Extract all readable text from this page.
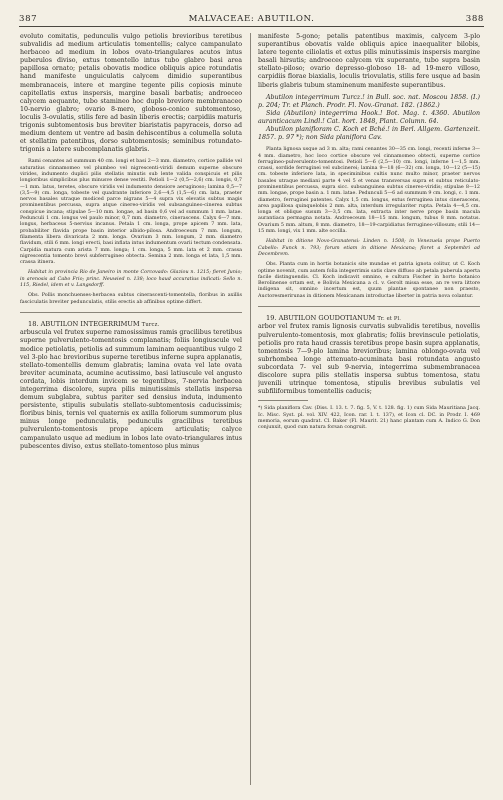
387	MALVACEAE: ABUTILON.	388

evoluto comitatis, pedunculis vulgo petiolis brevioribus teretibus subvalidis ad medium articulatis tomentellis; calyce campanulato herbaceo ad medium in lobos ovato-triangulares acutos intus puberulos diviso, extus tomentello intus tubo glabro basi area papillosa ornato; petalis obovatis modice obliquis apice rotundatis hand manifeste unguiculatis calycem dimidio superantibus membranaceis, intere et margine tegente pilis copiosis minute capitellatis extus inspersis, margine basali barbatis; androeceo calycem aequante, tubo stamineo hoc duplo breviore membranaceo 10-nervio glabro; ovario 8-mero, globoso-conico subtomentoso, loculis 3-ovulatis, stilis fere ad basin liberis erectis; carpidiis maturis trigonis subtomentosis bus breviter biaristatis papyraceis, dorso ad medium dentem ut ventre ad basin dehiscentibus a columella soluta et stellatim patentibus, dorso subtomentosis; seminibus rotundato-trigonis a latere subcomplanatis glabris.

Rami cenantes ad summum 40 cm. longi et basi 2—3 mm. diametro, cortice pallide vel saturatius cinnamomeo vel plumbeo vel nigrescenti-viridi demum superne obscure virides, indumento duplici pilis stellatis minutis sub lente valida conspicuis et pilis longioribus simplicibus plus minusve dense vestiti. Petioli 1—2 (0,5—2,6) cm. longis, 0,7—1 mm. latus, teretes, obscure viridis vel indumento densiore aeruginoso; lamina 0,5—7 (3,5—9) cm. longa, tobeste vel quadrante inferiore 2,6—4,5 (1,5—6) cm. lata, praeter nervos basales utraque modiced parce nigrans 5—4 supra vix elevatis subtus magis prominentibus percussa, supra atque cinereo-viridis vel subsanguineo-cinerea subtus conspicue incana; stipulae 5—10 mm. longae, ad basin 0,6 vel ad summum 1 mm. latae. Pedunculi 1 cm. longus vel paulo minor, 0,7 mm. diametro, cinerascens. Calyx 6—7 mm. longus, herbaceus 5-nervius incanus. Petala 1 cm. longa, prope apicem 7 mm. lata, probabiliter flavida prope basin interior albido-pilosa. Androeceum 7 mm. longum, filamenta libera divaricata 2 mm. longa. Ovarium 3 mm. longum, 2 mm. diametro flavidum, stili 6 mm. longi erecti, basi inflata intus indumentum ovarii tectum condensata. Carpidia matura cum arista 7 mm. longa; 1 cm. longa, 5 mm. lata et 2 mm. crassa nigrescentia tomento brevi subferrugineo obtecta. Semina 2 mm. longa et lata, 1,5 mm. crassa itinera.

Habitat in provincia Rio de Janeiro in monte Corcovado: Glaziou n. 1215; fieret Junio; in arenosis ad Cabo Frio; princ. Neuwied n. 138; loco haud accuratius indicati: Sello n. 115, Riedel, idem et v. Langsdorff.

Obs. Pollis monchuenses-herbacea subtus cinerascenti-tomentella, floribus in axillis fasciculatis breviter pedunculatis, stilis erectis ab affinibus optime differt.

18. ABUTILON INTEGERRIMUM Turcz.

arbuscula vel frutex superne ramosissimus ramis gracilibus teretibus superne pulverulento-tomentosis complanatis; foliis longiuscule vel modice petiolatis, petiolis ad summum laminam aequantibus vulgo 2 vel 3-plo hac brevioribus superne teretibus inferne supra applanatis, stellato-tomentellis demum glabratis; lamina ovata vel late ovata breviter acuminata, acumine acutissimo, basi latiuscule vel angusto cordata, lobis interdum invicem se tegentibus, 7-nervia herbacea integerrima discolore, supra pilis minutissimis stellatis inspersa demum subglabra, subtus pariter sed densius induta, indumento persistente, stipulis subulatis stellato-subtomentosis caducissimis; floribus binis, ternis vel quaternis ex axilla foliorum summorum plus minus longe pedunculatis, pedunculis gracilibus teretibus pulverulento-tomentosis prope apicem articulatis; calyce campanulato usque ad medium in lobos late ovato-triangulares intus pubescentes diviso, extus stellato-tomentoso plus minus

manifeste 5-gono; petalis patentibus maximis, calycem 3-plo superantibus obovatis valde obliquis apice inaequaliter bilobis, latere tegente ciliolatis et extus pilis minutissimis inspersis margine basali hirsutis; androeceo calycem vix superante, tubo supra basin stellato-piloso; ovario depresso-globoso 18- ad 19-mero villoso, carpidiis florae biaxialis, loculis triovulatis, stilis fere usque ad basin liberis glabris tubum staminenum manifeste superantibus.

Abutilon integerrimum Turcz.! in Bull. soc. nat. Moscou 1858. (I.) p. 204; Tr. et Planch. Prodr. Fl. Nov.-Granat. 182. (1862.)

Sida (Abutilon) integerrima Hook.! Bot. Mag. t. 4360. Abutilon auranticacum Lindl.! Cat. hort. 1848, Plant. Column. 64.

Abutilon planifloram C. Koch et Bché.! in Berl. Allgem. Gartenzeit. 1857. p. 97 *); non Sida planiflora Cav.

Planta lignosa usque ad 3 m. alta; rami cenantes 30—35 cm. longi, recenti inferne 3—4 mm. diametro, hoc loco cortice obscure vel cinnamomeo obtecti, superne cortice ferrugineo-pulverulento-tomentosi. Petioli 5—6 (2,5—10) cm. longi, inferne 1—1,5 mm. crassi, sordide ferruginei vel subcinerei; lamina 9—18 (6—32) cm. longa, 10—12 (5—15) cm. tobeste inferiore lata, in speciminibus cultis nunc multo minor, praeter nervos basales utraque mediani parte 4 vel 5 et venas transversas supra et subtus reticulato-prominentibus percussa, supra sicc. subsanguinea subtus cinereo-viridis; stipulae 8—12 mm. longae, prope basin a. 1 mm. latae. Pedunculi 5—6 ad summum 9 cm. longi, c. 1 mm. diametro, ferruginei patentes. Calyx 1,5 cm. longus, extus ferruginea intus cinerascens, area papillosa quinquelobis 2 mm. alta, interdum irregulariter rupta. Petala 4—4,5 cm. longa et oblique susum 3—3,5 cm. lata, extracta inter nerve prope basin macula aurantiaca permagna notata. Androeceum 18—15 mm. longum, tubus 8 mm. notatus. Ovarium 5 mm. altum, 8 mm. diametro, 18—19-carpidiatus ferrugineo-villosum; stili 14—15 mm. longi, vix 1 mm. alte occilla.

Habitat in ditione Novo-Granatensi: Linden n. 1508; in Venezuela prope Puerto Cabello: Funck n. 793; forum etiam in ditione Mexicana; floret a Septembri ad Decembrem.

Obs. Planta cum in hortis botanicis site mundae et patria ignota colitur, ut C. Koch optime novenit, cum autem folia integerrimis satis clare diffuso ab petala puberula aperta facile distinguendis. Cl. Koch indicavit omnino, e cultura Fischer in horto botanico Berolinense ortam est, e Bolivia Mexicana a cl. v. Gerolt missa esse, an re vera littore indigena sit, omnino incertum est, quum plantae spontanee non praesto, Auctoresmerirunas in ditionem Mexicanam introductae liberter in patria nova colantur.

19. ABUTILON GOUDOTIANUM Tr. et Pl.

arbor vel frutex ramis lignosis curvatis subvalidis teretibus, novellis pulverulento-tomentosis, mox glabratis; foliis brevinscule petiolatis, petiolis pro rata haud crassis teretibus prope basin supra applanatis, tomentosis 7—9-plo lamina brevioribus; lamina oblongo-ovata vel subrhombea longe attenuato-acuminata basi rotundata angusto subcordata 7- vel sub 9-nervia, integerrima submembranacea discolore supra pilis stellatis inspersa subtus tomentosa, statu juvenili utrinque tomentosa, stipulis brevibus subulatis vel subfiliformibus tomentellis caducis;

*) Sida planiflora Cav. (Diss. I. 13. t. 7. fig. 5, V. t. 128. fig. 1) cum Sida Mauritiana Jacq. Ic. Misc. Syst. pl. vol. XIV. 422, Icon. rar. I. t. 137), et Icon cl. DC. in Prodr. I. 469 memoria, eorum quadrat. Cl. Baker (Fl. Maurit. 21) hanc plantam cum A. Indico G. Don conjunxit, quod cum natura forsan congruit.
